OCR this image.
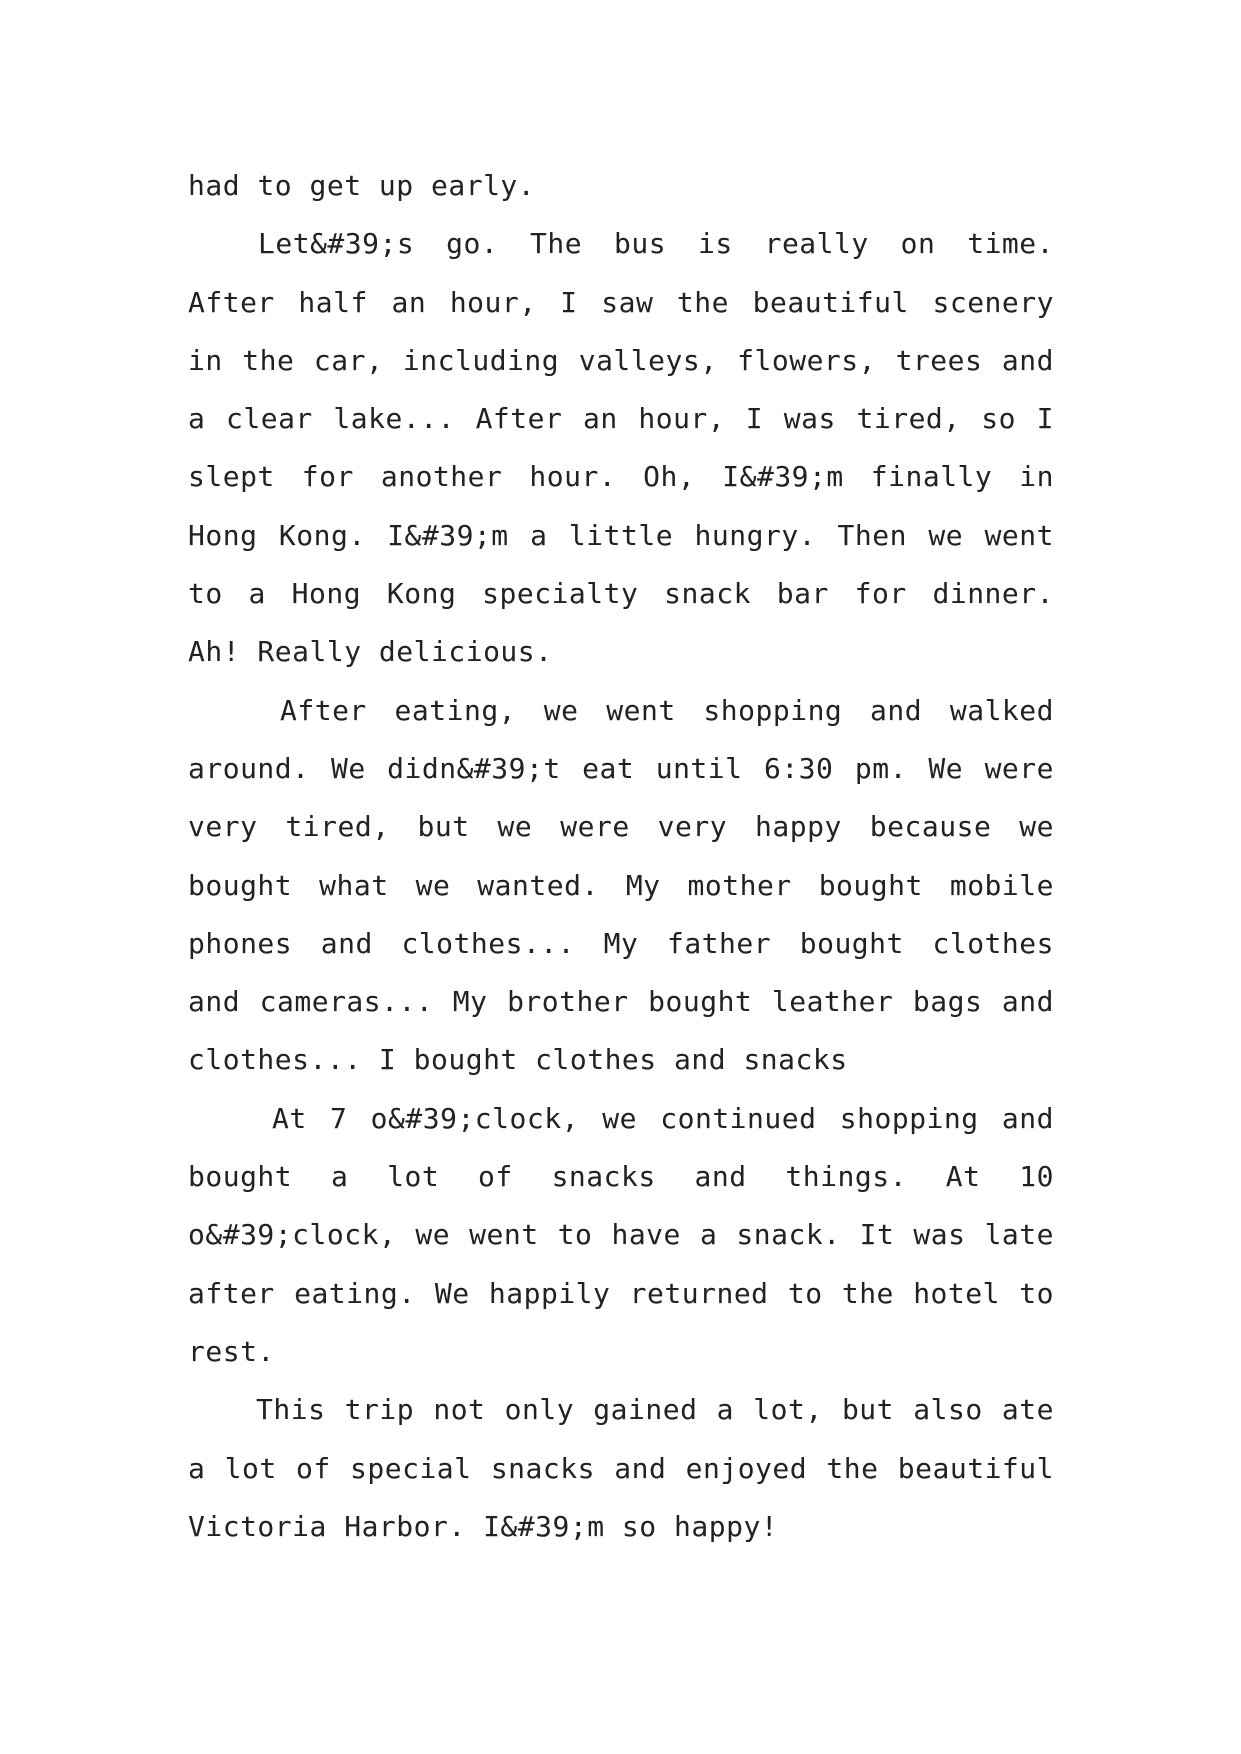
had to get up early.

Let&#39;s go. The bus is really on time. After half an hour, I saw the beautiful scenery in the car, including valleys, flowers, trees and a clear lake... After an hour, I was tired, so I slept for another hour. Oh, I&#39;m finally in Hong Kong. I&#39;m a little hungry. Then we went to a Hong Kong specialty snack bar for dinner. Ah! Really delicious.

After eating, we went shopping and walked around. We didn&#39;t eat until 6:30 pm. We were very tired, but we were very happy because we bought what we wanted. My mother bought mobile phones and clothes... My father bought clothes and cameras... My brother bought leather bags and clothes... I bought clothes and snacks

At 7 o&#39;clock, we continued shopping and bought a lot of snacks and things. At 10 o&#39;clock, we went to have a snack. It was late after eating. We happily returned to the hotel to rest.

This trip not only gained a lot, but also ate a lot of special snacks and enjoyed the beautiful Victoria Harbor. I&#39;m so happy!
